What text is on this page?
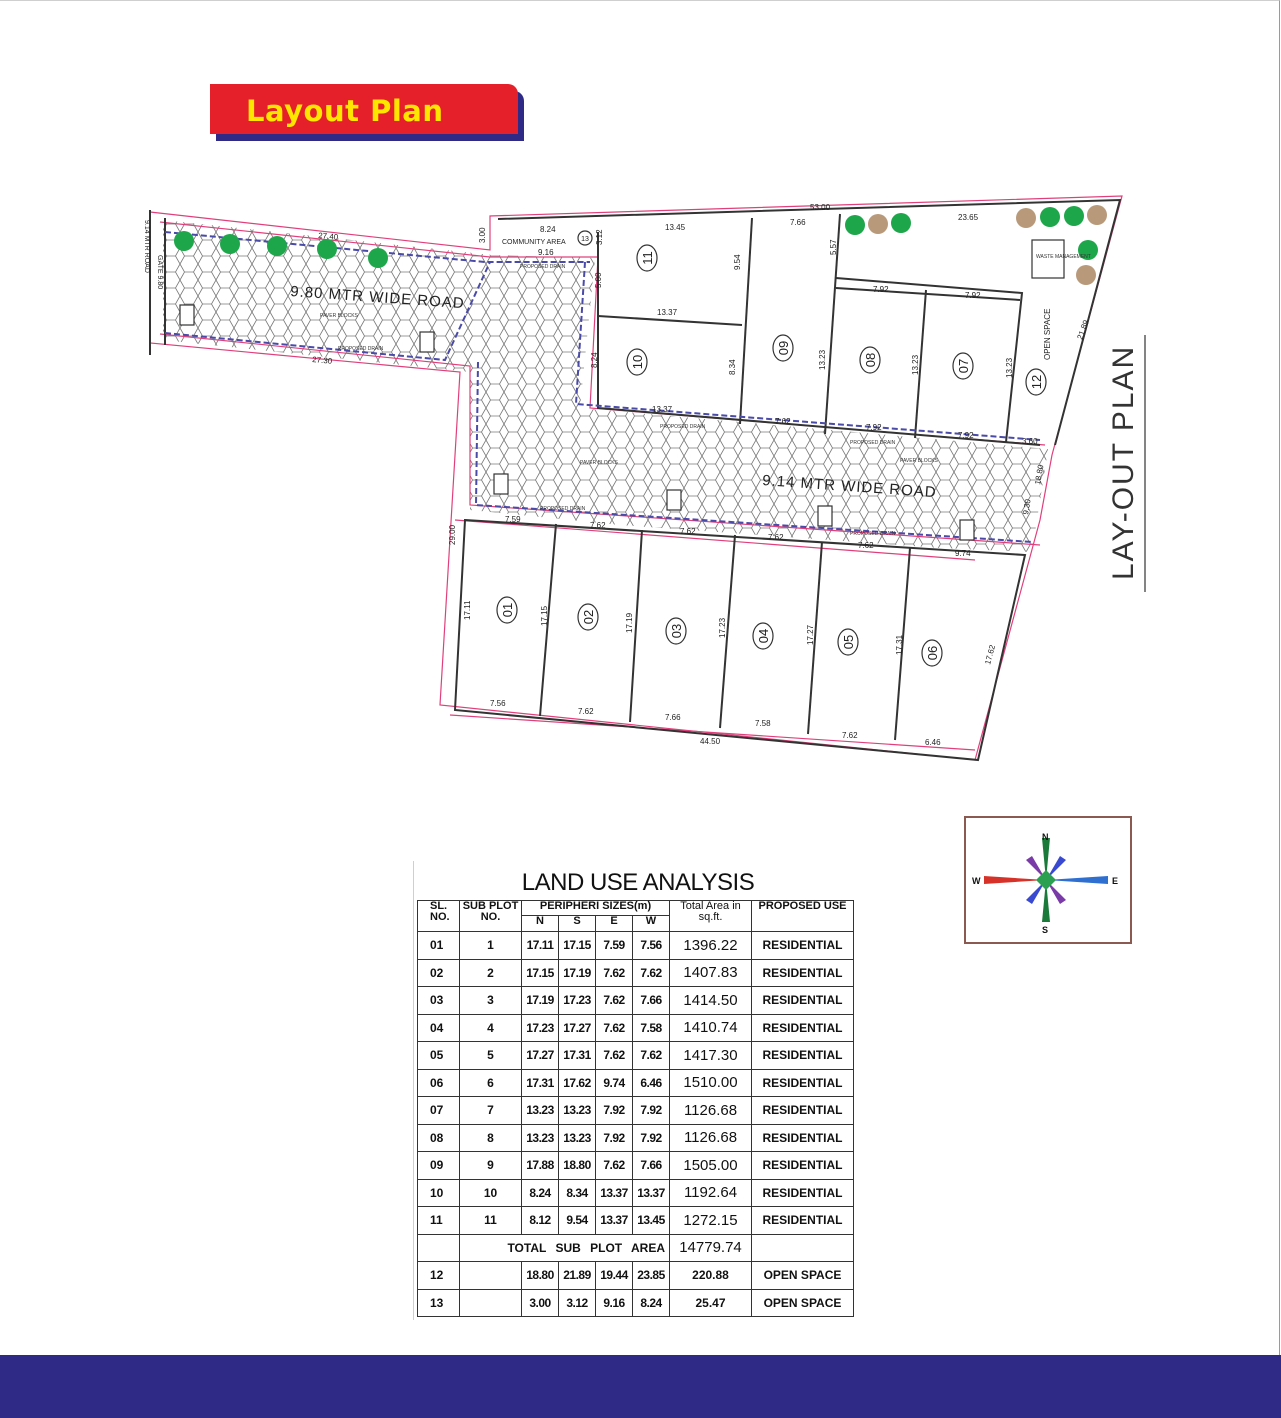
Layout Plan
11
10
09
08	07
12
01	02
03	04	05
06
13
9.80 MTR WIDE ROAD
9.14 MTR WIDE ROAD
9.14 MTR ROAD GATE 9.80
COMMUNITY AREA
OPEN SPACE
53.00
44.50
27.40
27.30
29.00
21.89
17.62
8.24
3.00	3.12
9.16
13.45
13.37
13.37
5.00
8.24
9.54
8.34
7.66
5.57
7.92
7.92
13.23	13.23	13.23
23.65
18.80
9.30
7.59
7.62
7.62
7.62
7.62
9.74
7.56
7.62
7.66
7.58
7.62
6.46
17.11	17.15	17.19	17.23	17.27	17.31
7.62
7.92
7.92
3.60
PAVER BLOCKS
PROPOSED DRAIN
PROPOSED DRAIN
PAVER BLOCKS
PROPOSED DRAIN
PROPOSED DRAIN
PAVER BLOCKS
PROPOSED DRAIN
PROPOSED DRAIN
WASTE MANAGEMENT
LAY-OUT PLAN
N
S
E
W
LAND USE ANALYSIS
SL. NO.	SUB PLOT NO.	PERIPHERI SIZES(m)				Total Area in sq.ft.	PROPOSED USE
		N	S	E	W		
01	1	17.11	17.15	7.59	7.56	1396.22	RESIDENTIAL
02	2	17.15	17.19	7.62	7.62	1407.83	RESIDENTIAL
03	3	17.19	17.23	7.62	7.66	1414.50	RESIDENTIAL
04	4	17.23	17.27	7.62	7.58	1410.74	RESIDENTIAL
05	5	17.27	17.31	7.62	7.62	1417.30	RESIDENTIAL
06	6	17.31	17.62	9.74	6.46	1510.00	RESIDENTIAL
07	7	13.23	13.23	7.92	7.92	1126.68	RESIDENTIAL
08	8	13.23	13.23	7.92	7.92	1126.68	RESIDENTIAL
09	9	17.88	18.80	7.62	7.66	1505.00	RESIDENTIAL
10	10	8.24	8.34	13.37	13.37	1192.64	RESIDENTIAL
11	11	8.12	9.54	13.37	13.45	1272.15	RESIDENTIAL
	TOTAL SUB PLOT AREA					14779.74	
12		18.80	21.89	19.44	23.85	220.88	OPEN SPACE
13		3.00	3.12	9.16	8.24	25.47	OPEN SPACE
